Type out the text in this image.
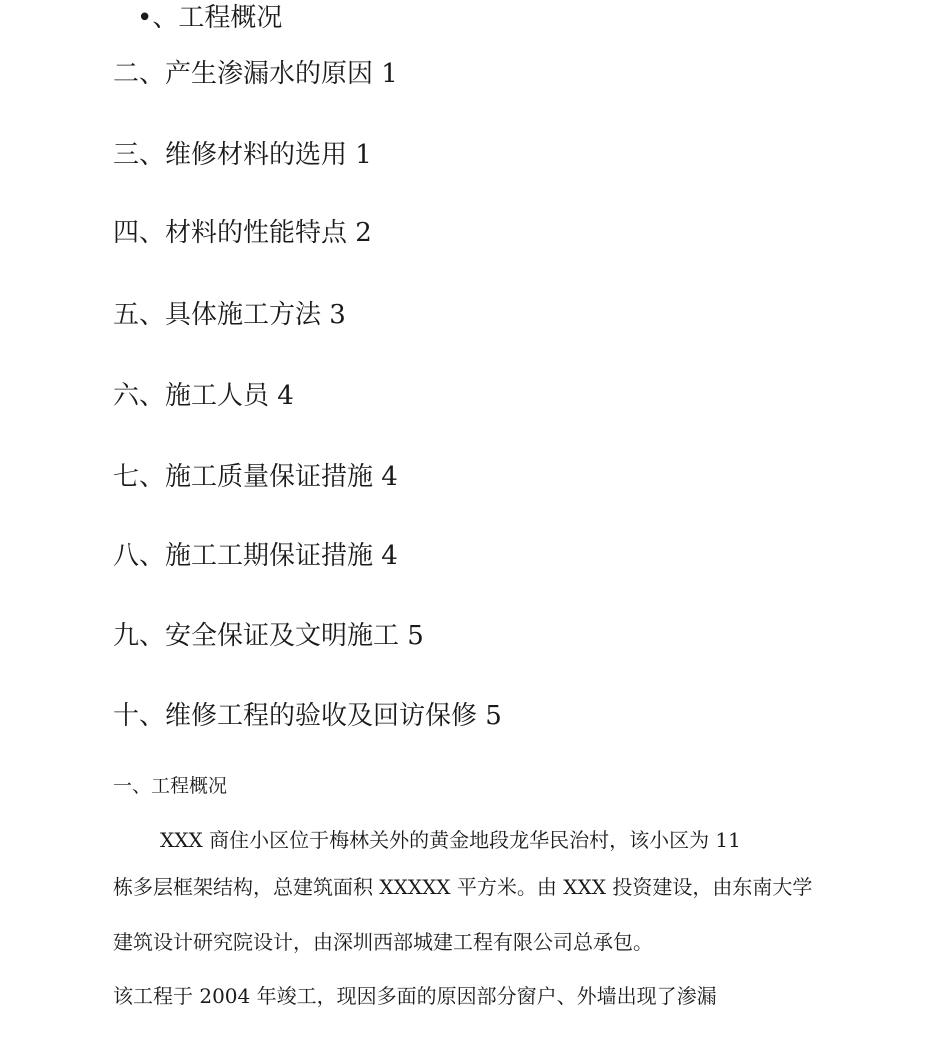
•、工程概况
二、产生渗漏水的原因 1
三、维修材料的选用 1
四、材料的性能特点 2
五、具体施工方法 3
六、施工人员 4
七、施工质量保证措施 4
八、施工工期保证措施 4
九、安全保证及文明施工 5
十、维修工程的验收及回访保修 5
一、工程概况
XXX 商住小区位于梅林关外的黄金地段龙华民治村，该小区为 11
栋多层框架结构，总建筑面积 XXXXX 平方米。由 XXX 投资建设，由东南大学
建筑设计研究院设计，由深圳西部城建工程有限公司总承包。
该工程于 2004 年竣工，现因多面的原因部分窗户、外墙出现了渗漏
